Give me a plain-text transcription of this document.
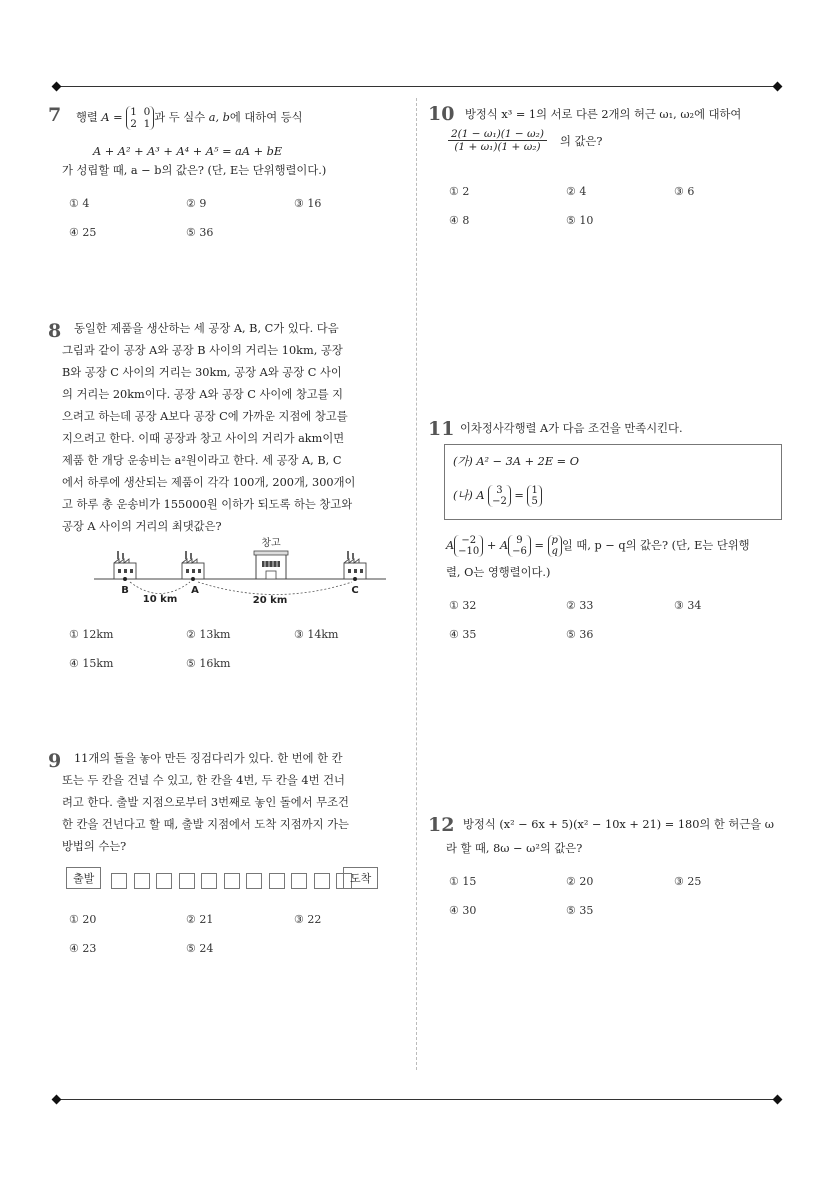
7 행렬 A = 1  0
2  1 과 두 실수 a, b에 대하여 등식
A + A² + A³ + A⁴ + A⁵ = aA + bE
가 성립할 때, a − b의 값은? (단, E는 단위행렬이다.)
① 4	② 9	③ 16
④ 25	⑤ 36
8	동일한 제품을 생산하는 세 공장 A, B, C가 있다. 다음
그림과 같이 공장 A와 공장 B 사이의 거리는 10km, 공장
B와 공장 C 사이의 거리는 30km, 공장 A와 공장 C 사이
의 거리는 20km이다. 공장 A와 공장 C 사이에 창고를 지
으려고 하는데 공장 A보다 공장 C에 가까운 지점에 창고를
지으려고 한다. 이때 공장과 창고 사이의 거리가 akm이면
제품 한 개당 운송비는 a²원이라고 한다. 세 공장 A, B, C
에서 하루에 생산되는 제품이 각각 100개, 200개, 300개이
고 하루 총 운송비가 155000원 이하가 되도록 하는 창고와
공장 A 사이의 거리의 최댓값은?
창고
B	A	C
10 km	20 km
① 12km	② 13km	③ 14km
④ 15km	⑤ 16km
9	11개의 돌을 놓아 만든 징검다리가 있다. 한 번에 한 칸
또는 두 칸을 건널 수 있고, 한 칸을 4번, 두 칸을 4번 건너
려고 한다. 출발 지점으로부터 3번째로 놓인 돌에서 무조건
한 칸을 건넌다고 할 때, 출발 지점에서 도착 지점까지 가는
방법의 수는?
출발	도착
① 20	② 21	③ 22
④ 23	⑤ 24
10 방정식 x³ = 1의 서로 다른 2개의 허근 ω₁, ω₂에 대하여
$\frac{\text{2(1 − ω₁)(1 − ω₂)}}{\text{(1 + ω₁)(1 + ω₂)}}$ 의 값은?
① 2	② 4	③ 6
④ 8	⑤ 10
11 이차정사각행렬 A가 다음 조건을 만족시킨다.
(가) A² − 3A + 2E = O
(나) A	3
−2 = 1
5
A −2
−10 + A 9
−6 = p
q 일 때, p − q의 값은? (단, E는 단위행
렬, O는 영행렬이다.)
① 32	② 33	③ 34
④ 35	⑤ 36
12 방정식 (x² − 6x + 5)(x² − 10x + 21) = 180의 한 허근을 ω
라 할 때, 8ω − ω²의 값은?
① 15	② 20	③ 25
④ 30	⑤ 35
